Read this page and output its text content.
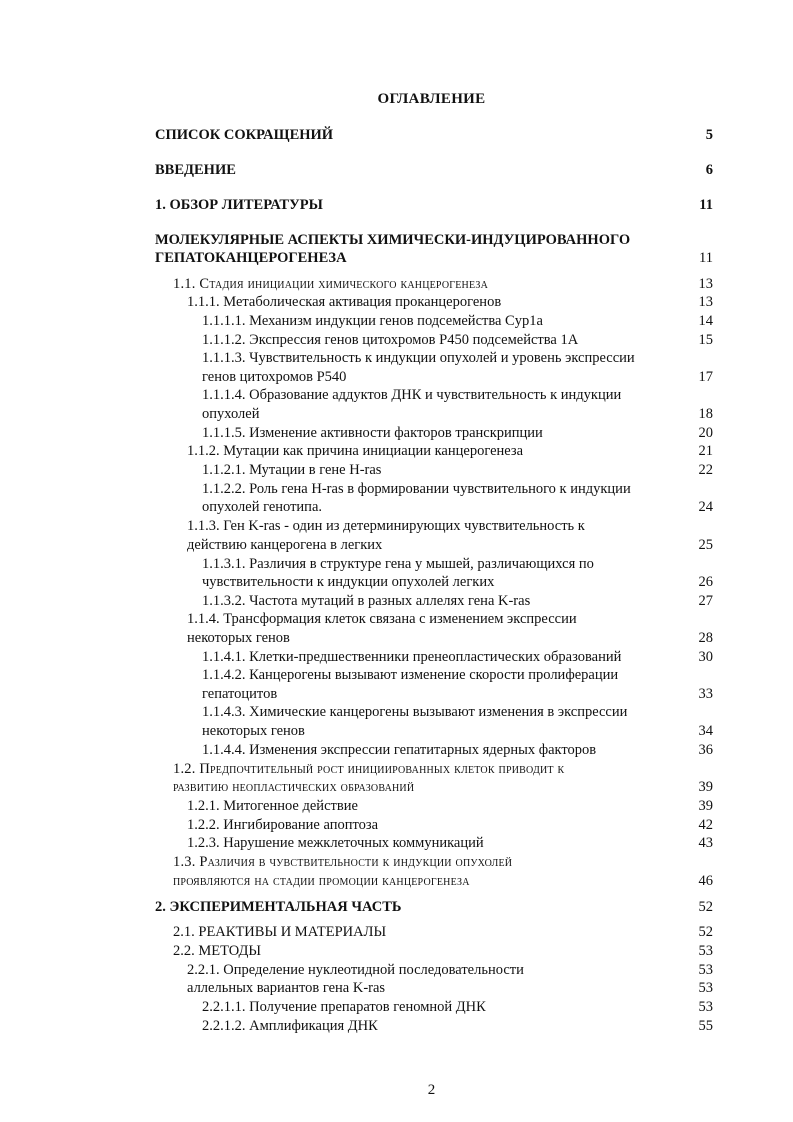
ОГЛАВЛЕНИЕ
СПИСОК СОКРАЩЕНИЙ	5
ВВЕДЕНИЕ	6
1. ОБЗОР ЛИТЕРАТУРЫ	11
МОЛЕКУЛЯРНЫЕ АСПЕКТЫ ХИМИЧЕСКИ-ИНДУЦИРОВАННОГО
ГЕПАТОКАНЦЕРОГЕНЕЗА	11
1.1. Стадия инициации химического канцерогенеза	13
1.1.1. Метаболическая активация проканцерогенов	13
1.1.1.1. Механизм индукции генов подсемейства Cyp1a	14
1.1.1.2. Экспрессия генов цитохромов Р450 подсемейства 1А	15
1.1.1.3. Чувствительность к индукции опухолей и уровень экспрессии
генов цитохромов Р540	17
1.1.1.4. Образование аддуктов ДНК и чувствительность к индукции
опухолей	18
1.1.1.5. Изменение активности факторов транскрипции	20
1.1.2. Мутации как причина инициации канцерогенеза	21
1.1.2.1. Мутации в гене H-ras	22
1.1.2.2. Роль гена H-ras в формировании чувствительного к индукции
опухолей генотипа.	24
1.1.3. Ген K-ras - один из детерминирующих чувствительность к
действию канцерогена в легких	25
1.1.3.1. Различия в структуре гена у мышей, различающихся по
чувствительности к индукции опухолей легких	26
1.1.3.2. Частота мутаций в разных аллелях гена K-ras	27
1.1.4. Трансформация клеток связана с изменением экспрессии
некоторых генов	28
1.1.4.1. Клетки-предшественники пренеопластических образований	30
1.1.4.2. Канцерогены вызывают изменение скорости пролиферации
гепатоцитов	33
1.1.4.3. Химические канцерогены вызывают изменения в экспрессии
некоторых генов	34
1.1.4.4. Изменения экспрессии гепатитарных ядерных факторов	36
1.2. Предпочтительный рост инициированных клеток приводит к
развитию неопластических образований	39
1.2.1. Митогенное действие	39
1.2.2. Ингибирование апоптоза	42
1.2.3. Нарушение межклеточных коммуникаций	43
1.3. Различия в чувствительности к индукции опухолей
проявляются на стадии промоции канцерогенеза	46
2. ЭКСПЕРИМЕНТАЛЬНАЯ ЧАСТЬ	52
2.1. РЕАКТИВЫ И МАТЕРИАЛЫ	52
2.2. МЕТОДЫ	53
2.2.1. Определение нуклеотидной последовательности	53
аллельных вариантов гена K-ras	53
2.2.1.1. Получение препаратов геномной ДНК	53
2.2.1.2. Амплификация ДНК	55
2
